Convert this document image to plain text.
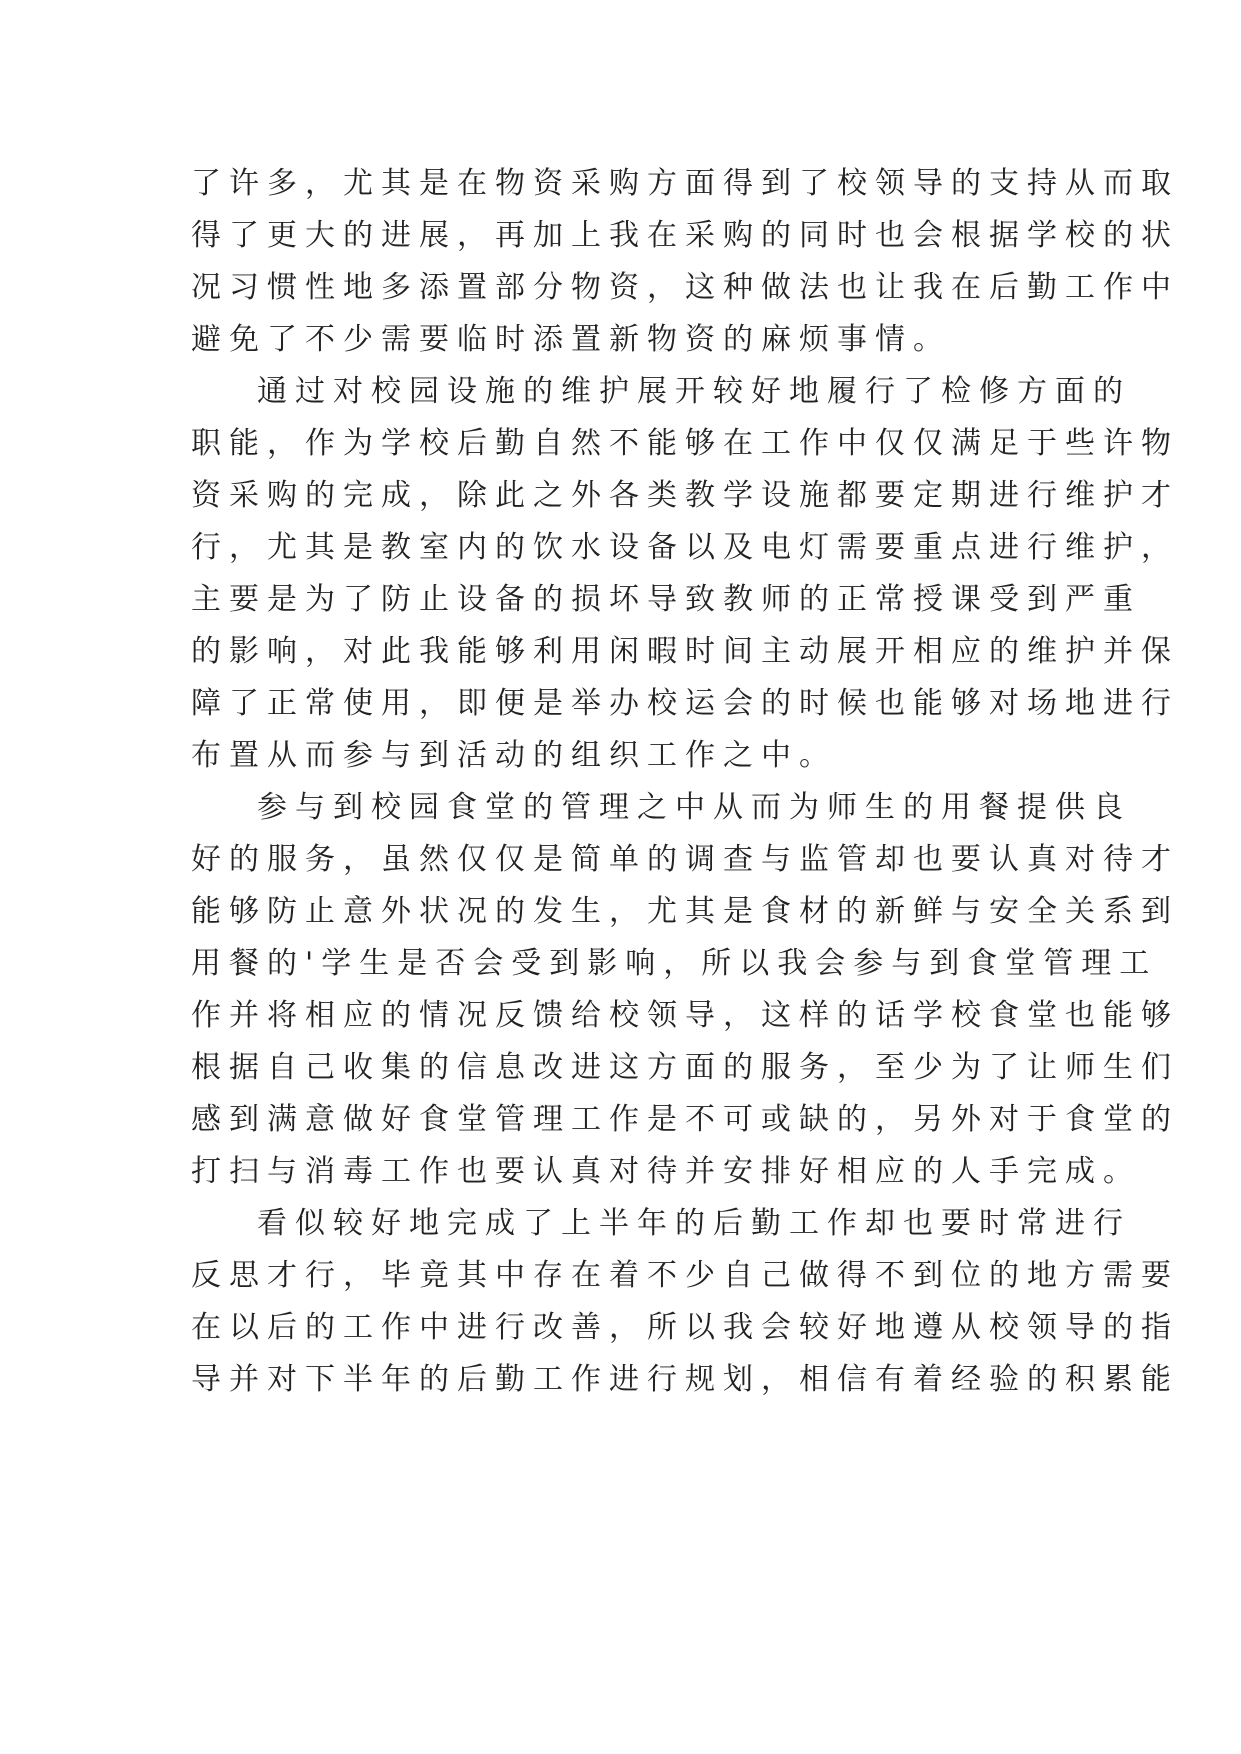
了许多，尤其是在物资采购方面得到了校领导的支持从而取
得了更大的进展，再加上我在采购的同时也会根据学校的状
况习惯性地多添置部分物资，这种做法也让我在后勤工作中
避免了不少需要临时添置新物资的麻烦事情。
通过对校园设施的维护展开较好地履行了检修方面的
职能，作为学校后勤自然不能够在工作中仅仅满足于些许物
资采购的完成，除此之外各类教学设施都要定期进行维护才
行，尤其是教室内的饮水设备以及电灯需要重点进行维护，
主要是为了防止设备的损坏导致教师的正常授课受到严重
的影响，对此我能够利用闲暇时间主动展开相应的维护并保
障了正常使用，即便是举办校运会的时候也能够对场地进行
布置从而参与到活动的组织工作之中。
参与到校园食堂的管理之中从而为师生的用餐提供良
好的服务，虽然仅仅是简单的调查与监管却也要认真对待才
能够防止意外状况的发生，尤其是食材的新鲜与安全关系到
用餐的'学生是否会受到影响，所以我会参与到食堂管理工
作并将相应的情况反馈给校领导，这样的话学校食堂也能够
根据自己收集的信息改进这方面的服务，至少为了让师生们
感到满意做好食堂管理工作是不可或缺的，另外对于食堂的
打扫与消毒工作也要认真对待并安排好相应的人手完成。
看似较好地完成了上半年的后勤工作却也要时常进行
反思才行，毕竟其中存在着不少自己做得不到位的地方需要
在以后的工作中进行改善，所以我会较好地遵从校领导的指
导并对下半年的后勤工作进行规划，相信有着经验的积累能
